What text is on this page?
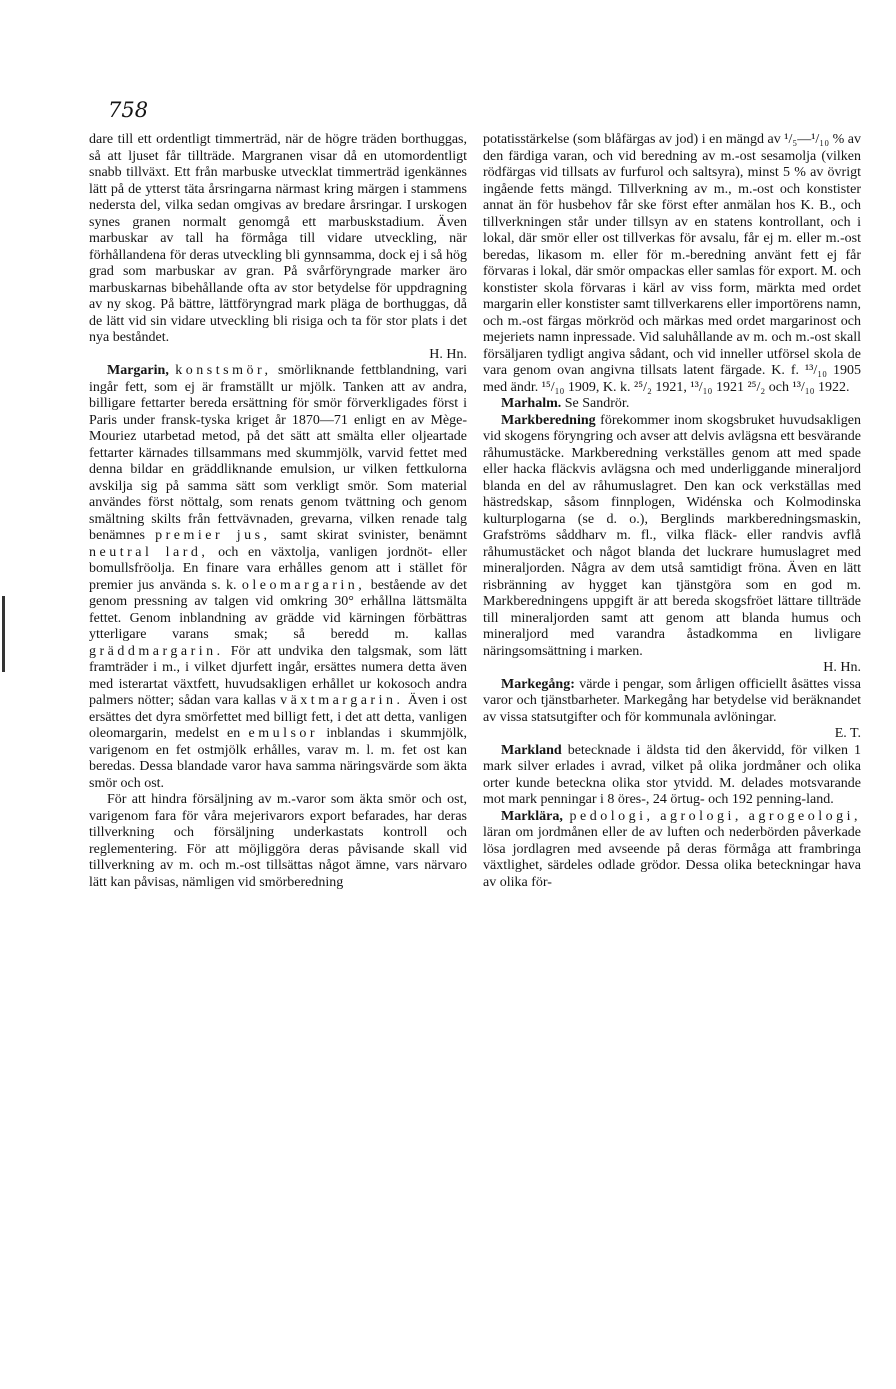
758

dare till ett ordentligt timmerträd, när de högre träden borthuggas, så att ljuset får tillträde. Margranen visar då en utomordentligt snabb tillväxt. Ett från marbuske utvecklat timmerträd igenkännes lätt på de ytterst täta årsringarna närmast kring märgen i stammens nedersta del, vilka sedan omgivas av bredare årsringar. I urskogen synes granen normalt genomgå ett marbuskstadium. Även marbuskar av tall ha förmåga till vidare utveckling, när förhållandena för deras utveckling bli gynnsamma, dock ej i så hög grad som marbuskar av gran. På svårföryngrade marker äro marbuskarnas bibehållande ofta av stor betydelse för uppdragning av ny skog. På bättre, lättföryngrad mark pläga de borthuggas, då de lätt vid sin vidare utveckling bli risiga och ta för stor plats i det nya beståndet.

H. Hn.

Margarin, konstsmör, smörliknande fettblandning, vari ingår fett, som ej är framställt ur mjölk. Tanken att av andra, billigare fettarter bereda ersättning för smör förverkligades först i Paris under fransk-tyska kriget år 1870—71 enligt en av Mège-Mouriez utarbetad metod, på det sätt att smälta eller oljeartade fettarter kärnades tillsammans med skummjölk, varvid fettet med denna bildar en gräddliknande emulsion, ur vilken fettkulorna avskilja sig på samma sätt som verkligt smör. Som material användes först nöttalg, som renats genom tvättning och genom smältning skilts från fettvävnaden, grevarna, vilken renade talg benämnes premier jus, samt skirat svinister, benämnt neutral lard, och en växtolja, vanligen jordnöt- eller bomullsfröolja. En finare vara erhålles genom att i stället för premier jus använda s. k. oleomargarin, bestående av det genom pressning av talgen vid omkring 30° erhållna lättsmälta fettet. Genom inblandning av grädde vid kärningen förbättras ytterligare varans smak; så beredd m. kallas gräddmargarin. För att undvika den talgsmak, som lätt framträder i m., i vilket djurfett ingår, ersättes numera detta även med isterartat växtfett, huvudsakligen erhållet ur kokosoch andra palmers nötter; sådan vara kallas växtmargarin. Även i ost ersättes det dyra smörfettet med billigt fett, i det att detta, vanligen oleomargarin, medelst en emulsor inblandas i skummjölk, varigenom en fet ostmjölk erhålles, varav m. l. m. fet ost kan beredas. Dessa blandade varor hava samma näringsvärde som äkta smör och ost.

För att hindra försäljning av m.-varor som äkta smör och ost, varigenom fara för våra mejerivarors export befarades, har deras tillverkning och försäljning underkastats kontroll och reglementering. För att möjliggöra deras påvisande skall vid tillverkning av m. och m.-ost tillsättas något ämne, vars närvaro lätt kan påvisas, nämligen vid smörberedning

potatisstärkelse (som blåfärgas av jod) i en mängd av ¹/₅—¹/₁₀ % av den färdiga varan, och vid beredning av m.-ost sesamolja (vilken rödfärgas vid tillsats av furfurol och saltsyra), minst 5 % av övrigt ingående fetts mängd. Tillverkning av m., m.-ost och konstister annat än för husbehov får ske först efter anmälan hos K. B., och tillverkningen står under tillsyn av en statens kontrollant, och i lokal, där smör eller ost tillverkas för avsalu, får ej m. eller m.-ost beredas, likasom m. eller för m.-beredning använt fett ej får förvaras i lokal, där smör ompackas eller samlas för export. M. och konstister skola förvaras i kärl av viss form, märkta med ordet margarin eller konstister samt tillverkarens eller importörens namn, och m.-ost färgas mörkröd och märkas med ordet margarinost och mejeriets namn inpressade. Vid saluhållande av m. och m.-ost skall försäljaren tydligt angiva sådant, och vid inneller utförsel skola de vara genom ovan angivna tillsats latent färgade. K. f. ¹³/₁₀ 1905 med ändr. ¹⁵/₁₀ 1909, K. k. ²⁵/₂ 1921, ¹³/₁₀ 1921 ²⁵/₂ och ¹³/₁₀ 1922.

Marhalm. Se Sandrör.

Markberedning förekommer inom skogsbruket huvudsakligen vid skogens föryngring och avser att delvis avlägsna ett besvärande råhumustäcke. Markberedning verkställes genom att med spade eller hacka fläckvis avlägsna och med underliggande mineraljord blanda en del av råhumuslagret. Den kan ock verkställas med hästredskap, såsom finnplogen, Widénska och Kolmodinska kulturplogarna (se d. o.), Berglinds markberedningsmaskin, Grafströms såddharv m. fl., vilka fläck- eller randvis avflå råhumustäcket och något blanda det luckrare humuslagret med mineraljorden. Några av dem utså samtidigt fröna. Även en lätt risbränning av hygget kan tjänstgöra som en god m. Markberedningens uppgift är att bereda skogsfröet lättare tillträde till mineraljorden samt att genom att blanda humus och mineraljord med varandra åstadkomma en livligare näringsomsättning i marken.

H. Hn.

Markegång: värde i pengar, som årligen officiellt åsättes vissa varor och tjänstbarheter. Markegång har betydelse vid beräknandet av vissa statsutgifter och för kommunala avlöningar.

E. T.

Markland betecknade i äldsta tid den åkervidd, för vilken 1 mark silver erlades i avrad, vilket på olika jordmåner och olika orter kunde beteckna olika stor ytvidd. M. delades motsvarande mot mark penningar i 8 öres-, 24 örtug- och 192 penning-land.

Marklära, pedologi, agrologi, agrogeologi, läran om jordmånen eller de av luften och nederbörden påverkade lösa jordlagren med avseende på deras förmåga att frambringa växtlighet, särdeles odlade grödor. Dessa olika beteckningar hava av olika för-
